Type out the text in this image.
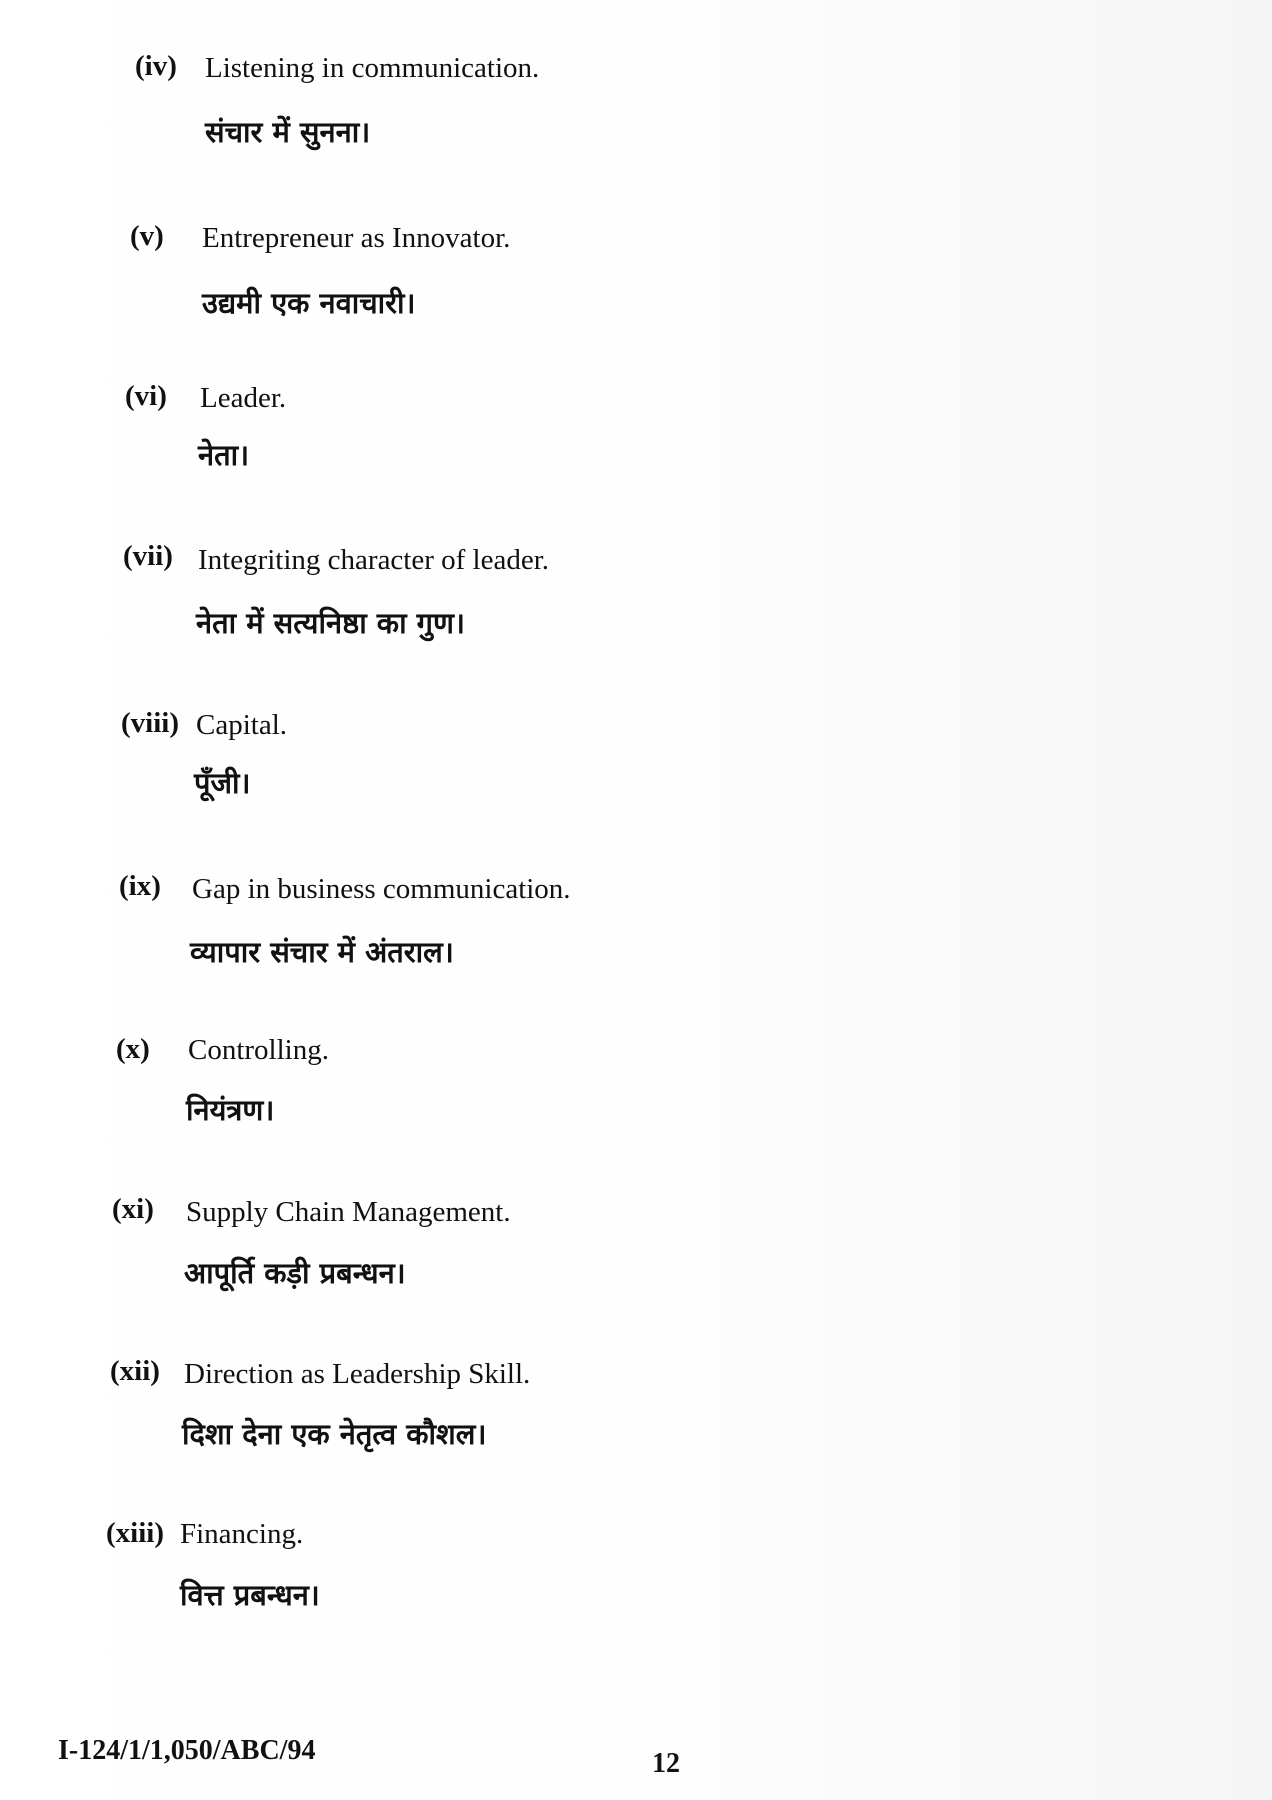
(iv) Listening in communication.
संचार में सुनना।
(v) Entrepreneur as Innovator.
उद्यमी एक नवाचारी।
(vi) Leader.
नेता।
(vii) Integriting character of leader.
नेता में सत्यनिष्ठा का गुण।
(viii) Capital.
पूँजी।
(ix) Gap in business communication.
व्यापार संचार में अंतराल।
(x) Controlling.
नियंत्रण।
(xi) Supply Chain Management.
आपूर्ति कड़ी प्रबन्धन।
(xii) Direction as Leadership Skill.
दिशा देना एक नेतृत्व कौशल।
(xiii) Financing.
वित्त प्रबन्धन।
I-124/1/1,050/ABC/94	12
